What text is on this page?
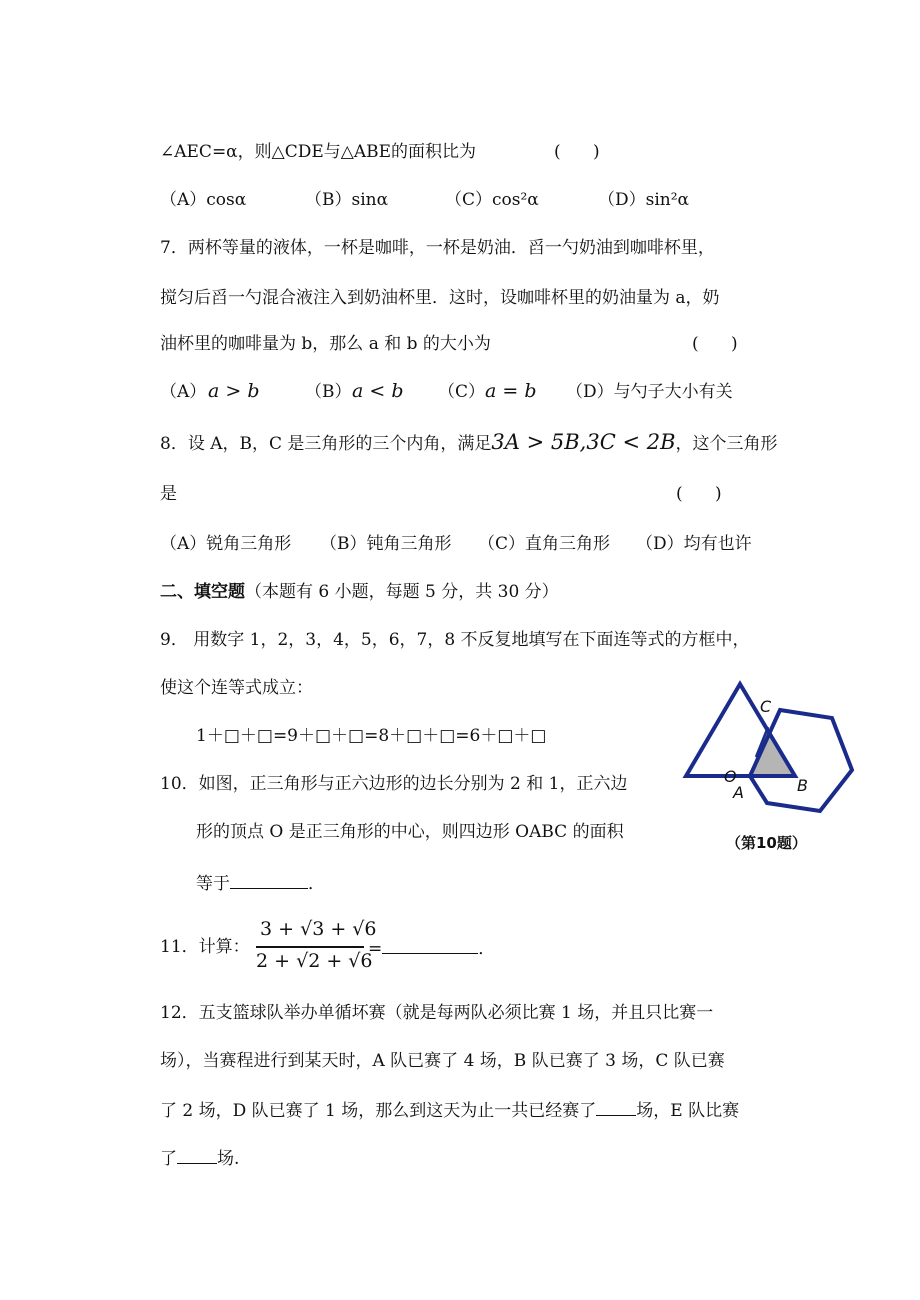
∠AEC=α，则△CDE与△ABE的面积比为	(      )
（A）cosα	（B）sinα	（C）cos²α	（D）sin²α
7．两杯等量的液体，一杯是咖啡，一杯是奶油．舀一勺奶油到咖啡杯里，
搅匀后舀一勺混合液注入到奶油杯里．这时，设咖啡杯里的奶油量为 a，奶
油杯里的咖啡量为 b，那么 a 和 b 的大小为	(      )
（A） a > b	（B） a < b （C） a = b （D）与勺子大小有关
8．设 A，B，C 是三角形的三个内角，满足3A > 5B,3C < 2B，这个三角形
是	(      )
（A）锐角三角形 （B）钝角三角形 （C）直角三角形 （D）均有也许
二、填空题（本题有 6 小题，每题 5 分，共 30 分）
9． 用数字 1，2，3，4，5，6，7，8 不反复地填写在下面连等式的方框中，
使这个连等式成立：
1＋□＋□=9＋□＋□=8＋□＋□=6＋□＋□
10．如图，正三角形与正六边形的边长分别为 2 和 1，正六边
形的顶点 O 是正三角形的中心，则四边形 OABC 的面积
等于	．
C
O
A	B
（第10题）
11．计算：
3 + √3 + √6
2 + √2 + √6
=	．
12．五支篮球队举办单循坏赛（就是每两队必须比赛 1 场，并且只比赛一
场），当赛程进行到某天时，A 队已赛了 4 场，B 队已赛了 3 场，C 队已赛
了 2 场，D 队已赛了 1 场，那么到这天为止一共已经赛了 场，E 队比赛
了 场.
